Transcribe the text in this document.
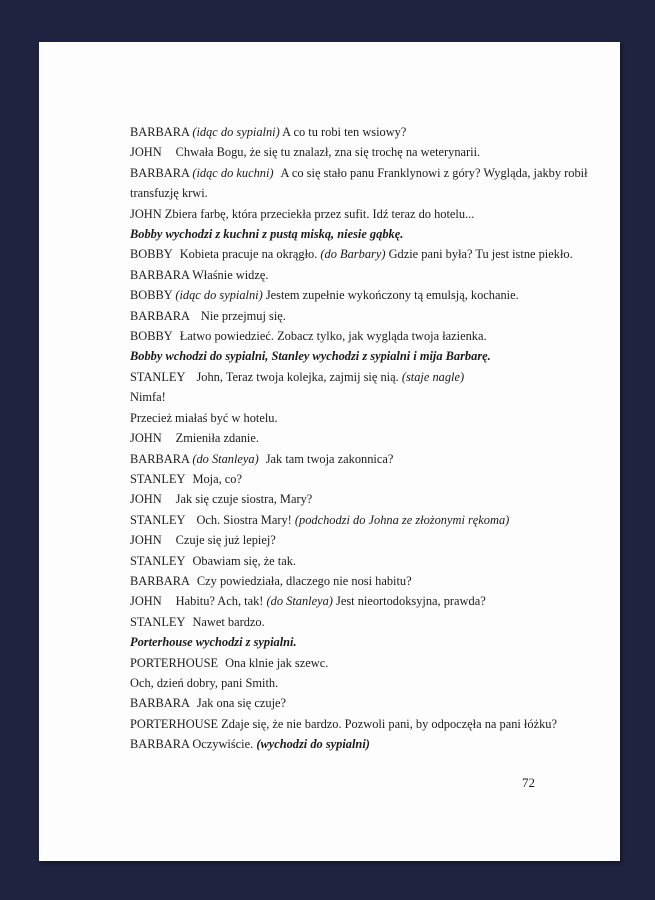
BARBARA (idąc do sypialni) A co tu robi ten wsiowy?
JOHN Chwała Bogu, że się tu znalazł, zna się trochę na weterynarii.
BARBARA (idąc do kuchni) A co się stało panu Franklynowi z góry? Wygląda, jakby robił transfuzję krwi.
JOHN Zbiera farbę, która przeciekła przez sufit. Idź teraz do hotelu...
Bobby wychodzi z kuchni z pustą miską, niesie gąbkę.
BOBBY Kobieta pracuje na okrągło. (do Barbary) Gdzie pani była? Tu jest istne piekło.
BARBARA Właśnie widzę.
BOBBY (idąc do sypialni) Jestem zupełnie wykończony tą emulsją, kochanie.
BARBARA Nie przejmuj się.
BOBBY Łatwo powiedzieć. Zobacz tylko, jak wygląda twoja łazienka.
Bobby wchodzi do sypialni, Stanley wychodzi z sypialni i mija Barbarę.
STANLEY John, Teraz twoja kolejka, zajmij się nią. (staje nagle)
Nimfa!
Przecież miałaś być w hotelu.
JOHN Zmieniła zdanie.
BARBARA (do Stanleya) Jak tam twoja zakonnica?
STANLEY Moja, co?
JOHN Jak się czuje siostra, Mary?
STANLEY Och. Siostra Mary! (podchodzi do Johna ze złożonymi rękoma)
JOHN Czuje się już lepiej?
STANLEY Obawiam się, że tak.
BARBARA Czy powiedziała, dlaczego nie nosi habitu?
JOHN Habitu? Ach, tak! (do Stanleya) Jest nieortodoksyjna, prawda?
STANLEY Nawet bardzo.
Porterhouse wychodzi z sypialni.
PORTERHOUSE Ona klnie jak szewc.
Och, dzień dobry, pani Smith.
BARBARA Jak ona się czuje?
PORTERHOUSE Zdaje się, że nie bardzo. Pozwoli pani, by odpoczęła na pani łóżku?
BARBARA Oczywiście. (wychodzi do sypialni)
72
